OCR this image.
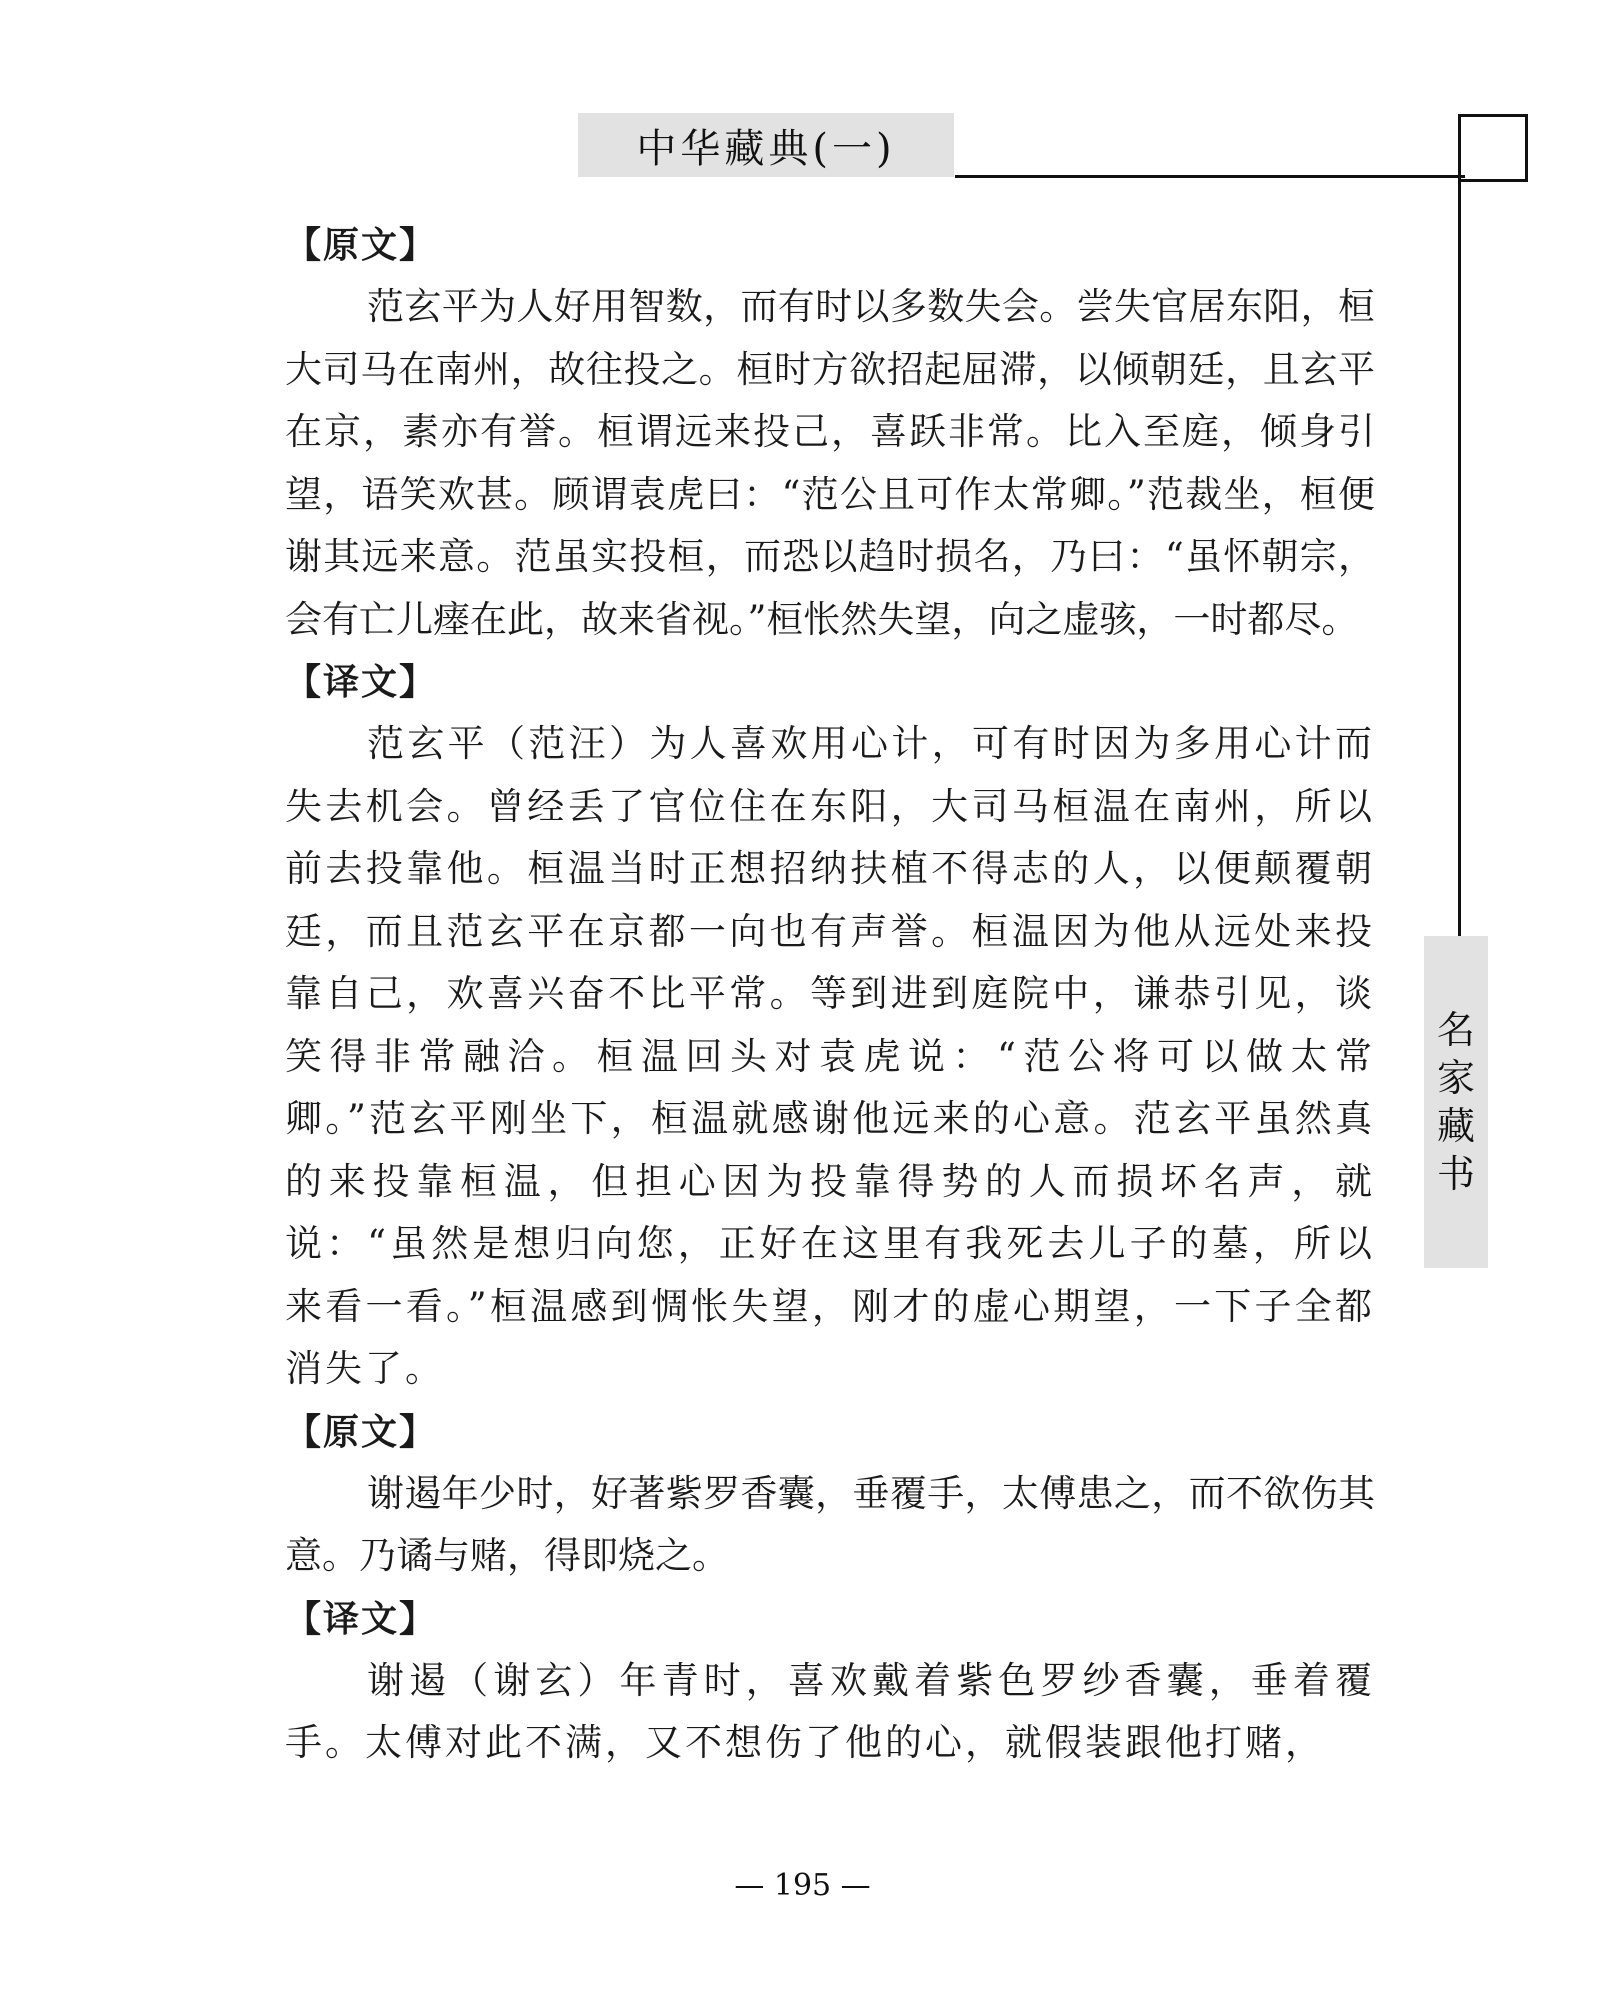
中华藏典(一)
名
家
藏
书
【原文】

范玄平为人好用智数，而有时以多数失会。尝失官居东阳，桓大司马在南州，故往投之。桓时方欲招起屈滞，以倾朝廷，且玄平在京，素亦有誉。桓谓远来投己，喜跃非常。比入至庭，倾身引望，语笑欢甚。顾谓袁虎曰：“范公且可作太常卿。”范裁坐，桓便谢其远来意。范虽实投桓，而恐以趋时损名，乃曰：“虽怀朝宗，会有亡儿瘗在此，故来省视。”桓怅然失望，向之虚骇，一时都尽。

【译文】

范玄平（范汪）为人喜欢用心计，可有时因为多用心计而失去机会。曾经丢了官位住在东阳，大司马桓温在南州，所以前去投靠他。桓温当时正想招纳扶植不得志的人，以便颠覆朝廷，而且范玄平在京都一向也有声誉。桓温因为他从远处来投靠自己，欢喜兴奋不比平常。等到进到庭院中，谦恭引见，谈笑得非常融洽。桓温回头对袁虎说：“范公将可以做太常卿。”范玄平刚坐下，桓温就感谢他远来的心意。范玄平虽然真的来投靠桓温，但担心因为投靠得势的人而损坏名声，就说：“虽然是想归向您，正好在这里有我死去儿子的墓，所以来看一看。”桓温感到惆怅失望，刚才的虚心期望，一下子全都消失了。

【原文】

谢遏年少时，好著紫罗香囊，垂覆手，太傅患之，而不欲伤其意。乃谲与赌，得即烧之。

【译文】

谢遏（谢玄）年青时，喜欢戴着紫色罗纱香囊，垂着覆手。太傅对此不满，又不想伤了他的心，就假装跟他打赌，

— 195 —
